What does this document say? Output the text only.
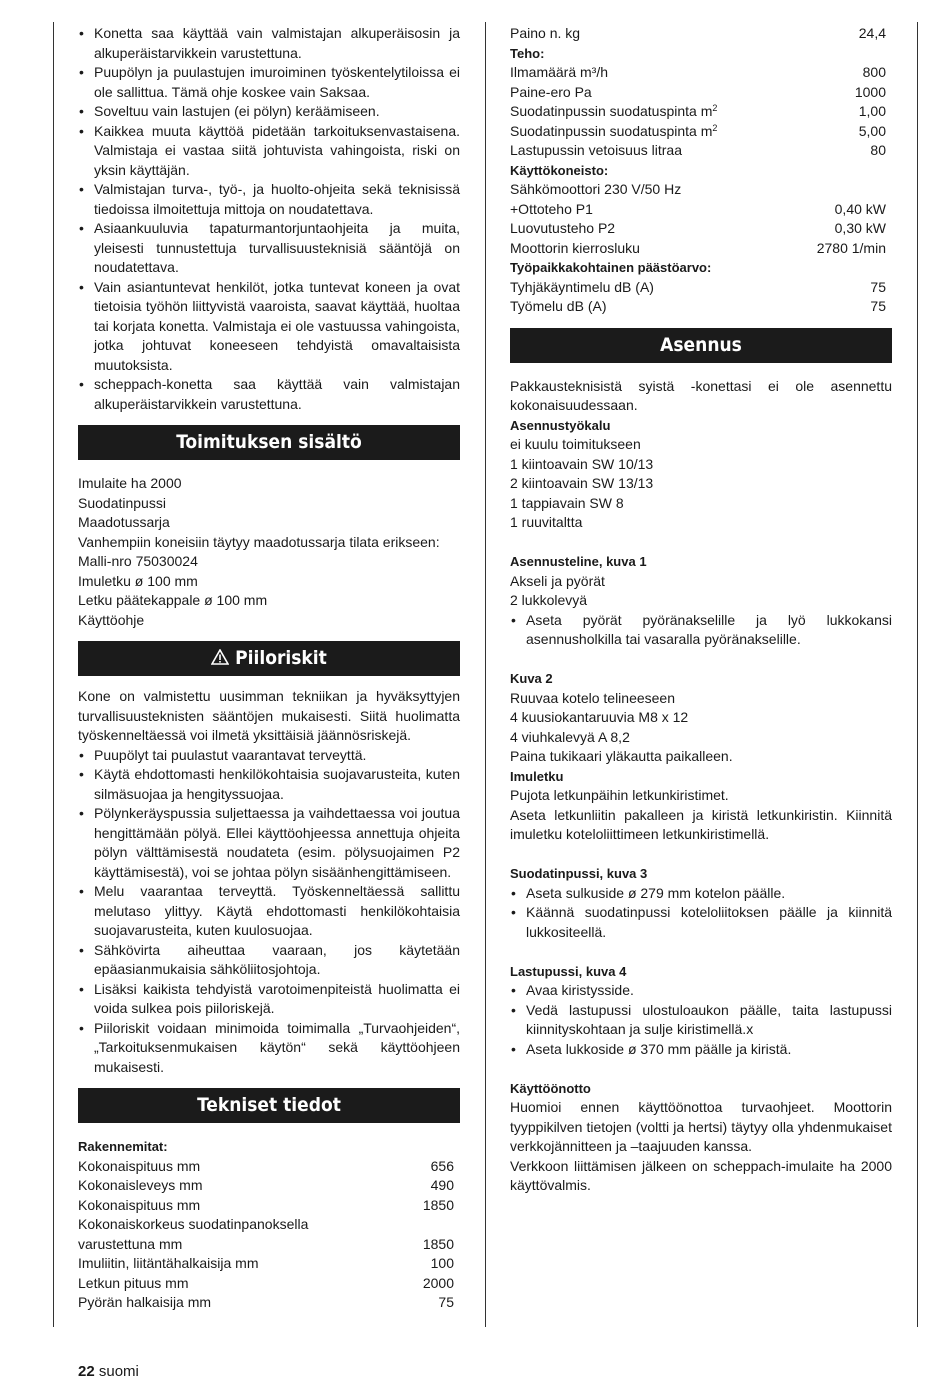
• Konetta saa käyttää vain valmistajan alkuperäisosin ja alkuperäistarvikkein varustettuna.
• Puupölyn ja puulastujen imuroiminen työskentelytiloissa ei ole sallittua. Tämä ohje koskee vain Saksaa.
• Soveltuu vain lastujen (ei pölyn) keräämiseen.
• Kaikkea muuta käyttöä pidetään tarkoituksenvastaisena. Valmistaja ei vastaa siitä johtuvista vahingoista, riski on yksin käyttäjän.
• Valmistajan turva-, työ-, ja huolto-ohjeita sekä teknisissä tiedoissa ilmoitettuja mittoja on noudatettava.
• Asiaankuuluvia tapaturmantorjuntaohjeita ja muita, yleisesti tunnustettuja turvallisuusteknisiä sääntöjä on noudatettava.
• Vain asiantuntevat henkilöt, jotka tuntevat koneen ja ovat tietoisia työhön liittyvistä vaaroista, saavat käyttää, huoltaa tai korjata konetta. Valmistaja ei ole vastuussa vahingoista, jotka johtuvat koneeseen tehdyistä omavaltaisista muutoksista.
• scheppach-konetta saa käyttää vain valmistajan alkuperäistarvikkein varustettuna.
Toimituksen sisältö
Imulaite ha 2000
Suodatinpussi
Maadotussarja
Vanhempiin koneisiin täytyy maadotussarja tilata erikseen:
Malli-nro 75030024
Imuletku ø 100 mm
Letku päätekappale ø 100 mm
Käyttöohje
Piiloriskit
Kone on valmistettu uusimman tekniikan ja hyväksyttyjen turvallisuusteknisten sääntöjen mukaisesti. Siitä huolimatta työskenneltäessä voi ilmetä yksittäisiä jäännösriskejä.
• Puupölyt tai puulastut vaarantavat terveyttä.
• Käytä ehdottomasti henkilökohtaisia suojavarusteita, kuten silmäsuojaa ja hengityssuojaa.
• Pölynkeräyspussia suljettaessa ja vaihdettaessa voi joutua hengittämään pölyä. Ellei käyttöohjeessa annettuja ohjeita pölyn välttämisestä noudateta (esim. pölysuojaimen P2 käyttämisestä), voi se johtaa pölyn sisäänhengittämiseen.
• Melu vaarantaa terveyttä. Työskenneltäessä sallittu melutaso ylittyy. Käytä ehdottomasti henkilökohtaisia suojavarusteita, kuten kuulosuojaa.
• Sähkövirta aiheuttaa vaaraan, jos käytetään epäasianmukaisia sähköliitosjohtoja.
• Lisäksi kaikista tehdyistä varotoimenpiteistä huolimatta ei voida sulkea pois piiloriskejä.
• Piiloriskit voidaan minimoida toimimalla „Turvaohjeiden“, „Tarkoituksenmukaisen käytön“ sekä käyttöohjeen mukaisesti.
Tekniset tiedot
Rakennemitat:
Kokonaispituus mm	656
Kokonaisleveys mm	490
Kokonaispituus mm	1850
Kokonaiskorkeus suodatinpanoksella
varustettuna mm	1850
Imuliitin, liitäntähalkaisija mm	100
Letkun pituus mm	2000
Pyörän halkaisija mm	75
Paino n. kg	24,4
Teho:
Ilmamäärä m³/h	800
Paine-ero Pa	1000
Suodatinpussin suodatuspinta $m^2$	1,00
Suodatinpussin suodatuspinta $m^2$	5,00
Lastupussin vetoisuus litraa	80
Käyttökoneisto:
Sähkömoottori 230 V/50 Hz
+Ottoteho P1	0,40 kW
Luovutusteho P2	0,30 kW
Moottorin kierrosluku	2780 1/min
Työpaikkakohtainen päästöarvo:
Tyhjäkäyntimelu dB (A)	75
Työmelu dB (A)	75
Asennus
Pakkausteknisistä syistä -konettasi ei ole asennettu kokonaisuudessaan.
Asennustyökalu
ei kuulu toimitukseen
1 kiintoavain SW 10/13
2 kiintoavain SW 13/13
1 tappiavain SW 8
1 ruuvitaltta
Asennusteline, kuva 1
Akseli ja pyörät
2 lukkolevyä
• Aseta pyörät pyöränakselille ja lyö lukkokansi asennusholkilla tai vasaralla pyöränakselille.
Kuva 2
Ruuvaa kotelo telineeseen
4 kuusiokantaruuvia M8 x 12
4 viuhkalevyä A 8,2
Paina tukikaari yläkautta paikalleen.
Imuletku
Pujota letkunpäihin letkunkiristimet.
Aseta letkunliitin pakalleen ja kiristä letkunkiristin. Kiinnitä imuletku koteloliittimeen letkunkiristimellä.
Suodatinpussi, kuva 3
• Aseta sulkuside ø 279 mm kotelon päälle.
• Käännä suodatinpussi koteloliitoksen päälle ja kiinnitä lukkositeellä.
Lastupussi, kuva 4
• Avaa kiristysside.
• Vedä lastupussi ulostuloaukon päälle, taita lastupussi kiinnityskohtaan ja sulje kiristimellä.x
• Aseta lukkoside ø 370 mm päälle ja kiristä.
Käyttöönotto
Huomioi ennen käyttöönottoa turvaohjeet. Moottorin tyyppikilven tietojen (voltti ja hertsi) täytyy olla yhdenmukaiset verkkojännitteen ja –taajuuden kanssa.
Verkkoon liittämisen jälkeen on scheppach-imulaite ha 2000 käyttövalmis.
22 suomi
